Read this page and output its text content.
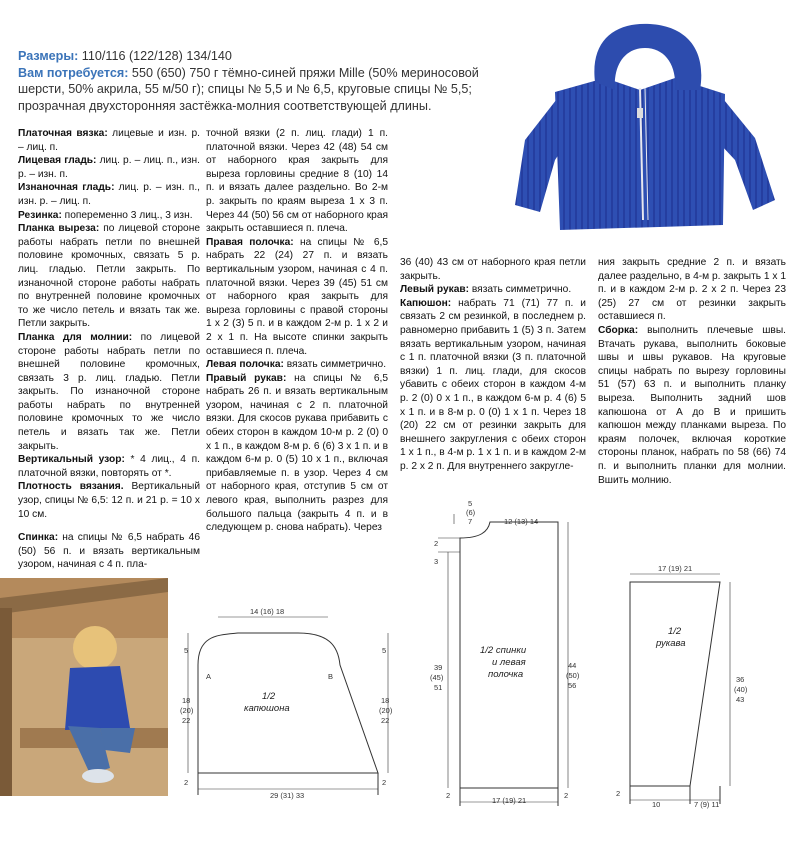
Размеры: 110/116 (122/128) 134/140
Вам потребуется: 550 (650) 750 г тёмно-синей пряжи Mille (50% мериносовой шерсти, 50% акрила, 55 м/50 г); спицы № 5,5 и № 6,5, круговые спицы № 5,5; прозрачная двухсторонняя застёжка-молния соответствующей длины.

Платочная вязка: лицевые и изн. р. – лиц. п.

Лицевая гладь: лиц. р. – лиц. п., изн. р. – изн. п.

Изнаночная гладь: лиц. р. – изн. п., изн. р. – лиц. п.

Резинка: попеременно 3 лиц., 3 изн.

Планка выреза: по лицевой стороне работы набрать петли по внешней половине кромочных, связать 5 р. лиц. гладью. Петли закрыть. По изнаночной стороне работы набрать по внутренней половине кромочных то же число петель и вязать так же. Петли закрыть.

Планка для молнии: по лицевой стороне работы набрать петли по внешней половине кромочных, связать 3 р. лиц. гладью. Петли закрыть. По изнаночной стороне работы набрать по внутренней половине кромочных то же число петель и вязать так же. Петли закрыть.

Вертикальный узор: * 4 лиц., 4 п. платочной вязки, повторять от *.

Плотность вязания. Вертикальный узор, спицы № 6,5: 12 п. и 21 р. = 10 х 10 см.

Спинка: на спицы № 6,5 набрать 46 (50) 56 п. и вязать вертикальным узором, начиная с 4 п. пла-

точной вязки (2 п. лиц. глади) 1 п. платочной вязки. Через 42 (48) 54 см от наборного края закрыть для выреза горловины средние 8 (10) 14 п. и вязать далее раздельно. Во 2-м р. закрыть по краям выреза 1 х 3 п. Через 44 (50) 56 см от наборного края закрыть оставшиеся п. плеча.

Правая полочка: на спицы № 6,5 набрать 22 (24) 27 п. и вязать вертикальным узором, начиная с 4 п. платочной вязки. Через 39 (45) 51 см от наборного края закрыть для выреза горловины с правой стороны 1 х 2 (3) 5 п. и в каждом 2-м р. 1 х 2 и 2 х 1 п. На высоте спинки закрыть оставшиеся п. плеча.

Левая полочка: вязать симметрично.

Правый рукав: на спицы № 6,5 набрать 26 п. и вязать вертикальным узором, начиная с 2 п. платочной вязки. Для скосов рукава прибавить с обеих сторон в каждом 10-м р. 2 (0) 0 х 1 п., в каждом 8-м р. 6 (6) 3 х 1 п. и в каждом 6-м р. 0 (5) 10 х 1 п., включая прибавляемые п. в узор. Через 4 см от наборного края, отступив 5 см от левого края, выполнить разрез для большого пальца (закрыть 4 п. и в следующем р. снова набрать). Через

36 (40) 43 см от наборного края петли закрыть.

Левый рукав: вязать симметрично.

Капюшон: набрать 71 (71) 77 п. и связать 2 см резинкой, в последнем р. равномерно прибавить 1 (5) 3 п. Затем вязать вертикальным узором, начиная с 1 п. платочной вязки (3 п. платочной вязки) 1 п. лиц. глади, для скосов убавить с обеих сторон в каждом 4-м р. 2 (0) 0 х 1 п., в каждом 6-м р. 4 (6) 5 х 1 п. и в 8-м р. 0 (0) 1 х 1 п. Через 18 (20) 22 см от резинки закрыть для внешнего закругления с обеих сторон 1 х 1 п., в 4-м р. 1 х 1 п. и в каждом 2-м р. 2 х 2 п. Для внутреннего закругле-

ния закрыть средние 2 п. и вязать далее раздельно, в 4-м р. закрыть 1 х 1 п. и в каждом 2-м р. 2 х 2 п. Через 23 (25) 27 см от резинки закрыть оставшиеся п.

Сборка: выполнить плечевые швы. Втачать рукава, выполнить боковые швы и швы рукавов. На круговые спицы набрать по вырезу горловины 51 (57) 63 п. и выполнить планку выреза. Выполнить задний шов капюшона от А до В и пришить капюшон между планками выреза. По краям полочек, включая короткие стороны планок, набрать по 58 (66) 74 п. и выполнить планки для молнии. Вшить молнию.

14 (16) 18
5
18
(20)
22
5
18
(20)
22
2	2
29 (31) 33
A	B
1/2
капюшона
5
(6)
7	12 (13) 14
2
3
39
(45)
51
44
(50)
56
2	2
17 (19) 21
1/2 спинки
и левая
полочка
17 (19) 21
36
(40)
43
2
10	7 (9) 11
1/2
рукава
